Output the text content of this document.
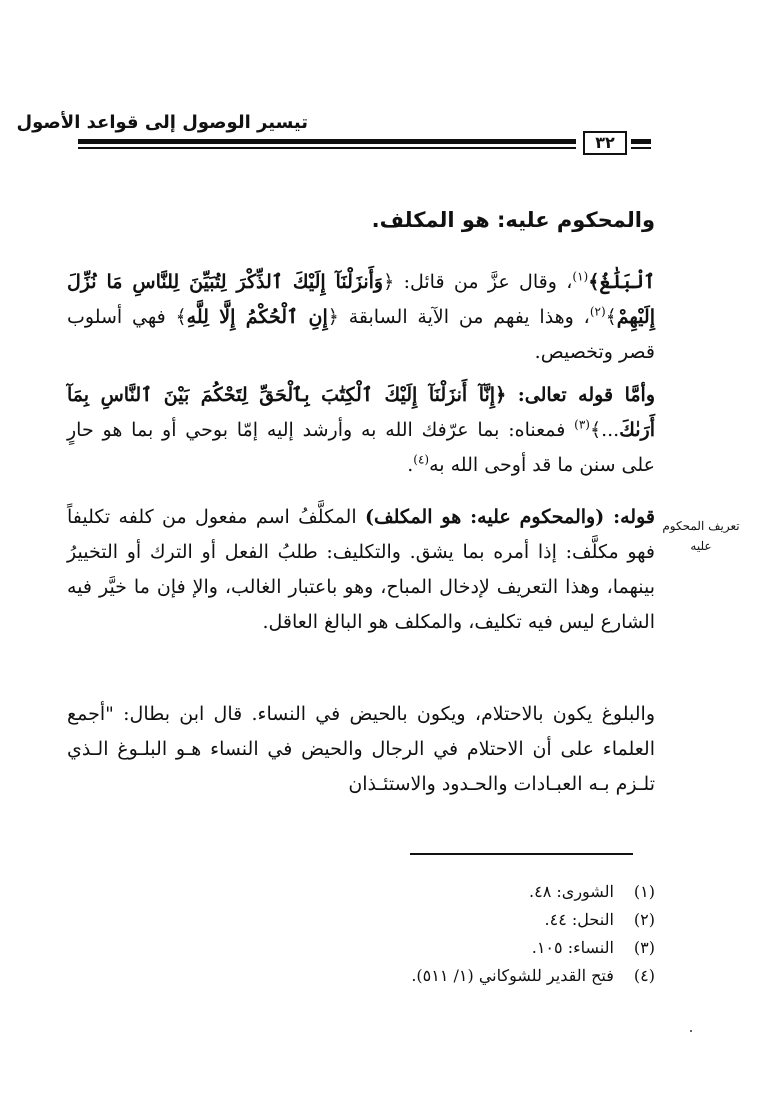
تيسير الوصول إلى قواعد الأصول
٣٢
والمحكوم عليه: هو المكلف.
ٱلْبَلَٰغُ﴾$^{(١)}$، وقال عزَّ من قائل: ﴿وَأَنزَلْنَآ إِلَيْكَ ٱلذِّكْرَ لِتُبَيِّنَ لِلنَّاسِ مَا نُزِّلَ إِلَيْهِمْ﴾$^{(٢)}$، وهذا يفهم من الآية السابقة ﴿إِنِ ٱلْحُكْمُ إِلَّا لِلَّهِ﴾ فهي أسلوب قصر وتخصيص.
وأمَّا قوله تعالى: ﴿إِنَّآ أَنزَلْنَآ إِلَيْكَ ٱلْكِتَٰبَ بِٱلْحَقِّ لِتَحْكُمَ بَيْنَ ٱلنَّاسِ بِمَآ أَرَىٰكَ...﴾$^{(٣)}$ فمعناه: بما عرّفك الله به وأرشد إليه إمّا بوحي أو بما هو حارٍ على سنن ما قد أوحى الله به$^{(٤)}$.
تعريف المحكوم عليه
قوله: (والمحكوم عليه: هو المكلف) المكلَّفُ اسم مفعول من كلفه تكليفاً فهو مكلَّف: إذا أمره بما يشق. والتكليف: طلبُ الفعل أو الترك أو التخييرُ بينهما، وهذا التعريف لإدخال المباح، وهو باعتبار الغالب، والإ فإن ما خيَّر فيه الشارع ليس فيه تكليف، والمكلف هو البالغ العاقل.
والبلوغ يكون بالاحتلام، ويكون بالحيض في النساء. قال ابن بطال: "أجمع العلماء على أن الاحتلام في الرجال والحيض في النساء هـو البلـوغ الـذي تلـزم بـه العبـادات والحـدود والاستئـذان
(١) الشورى: ٤٨.
(٢) النحل: ٤٤.
(٣) النساء: ١٠٥.
(٤) فتح القدير للشوكاني (١/ ٥١١).
